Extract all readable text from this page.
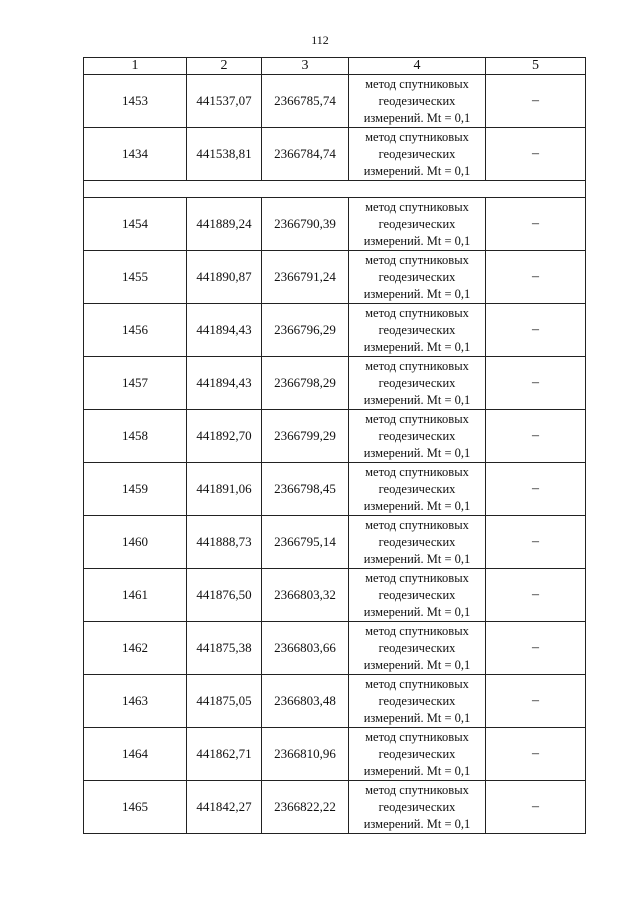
112
1	2	3	4	5
1453	441537,07	2366785,74	метод спутниковых
геодезических
измерений. Mt = 0,1	–
1434	441538,81	2366784,74	метод спутниковых
геодезических
измерений. Mt = 0,1	–

1454	441889,24	2366790,39	метод спутниковых
геодезических
измерений. Mt = 0,1	–
1455	441890,87	2366791,24	метод спутниковых
геодезических
измерений. Mt = 0,1	–
1456	441894,43	2366796,29	метод спутниковых
геодезических
измерений. Mt = 0,1	–
1457	441894,43	2366798,29	метод спутниковых
геодезических
измерений. Mt = 0,1	–
1458	441892,70	2366799,29	метод спутниковых
геодезических
измерений. Mt = 0,1	–
1459	441891,06	2366798,45	метод спутниковых
геодезических
измерений. Mt = 0,1	–
1460	441888,73	2366795,14	метод спутниковых
геодезических
измерений. Mt = 0,1	–
1461	441876,50	2366803,32	метод спутниковых
геодезических
измерений. Mt = 0,1	–
1462	441875,38	2366803,66	метод спутниковых
геодезических
измерений. Mt = 0,1	–
1463	441875,05	2366803,48	метод спутниковых
геодезических
измерений. Mt = 0,1	–
1464	441862,71	2366810,96	метод спутниковых
геодезических
измерений. Mt = 0,1	–
1465	441842,27	2366822,22	метод спутниковых
геодезических
измерений. Mt = 0,1	–
